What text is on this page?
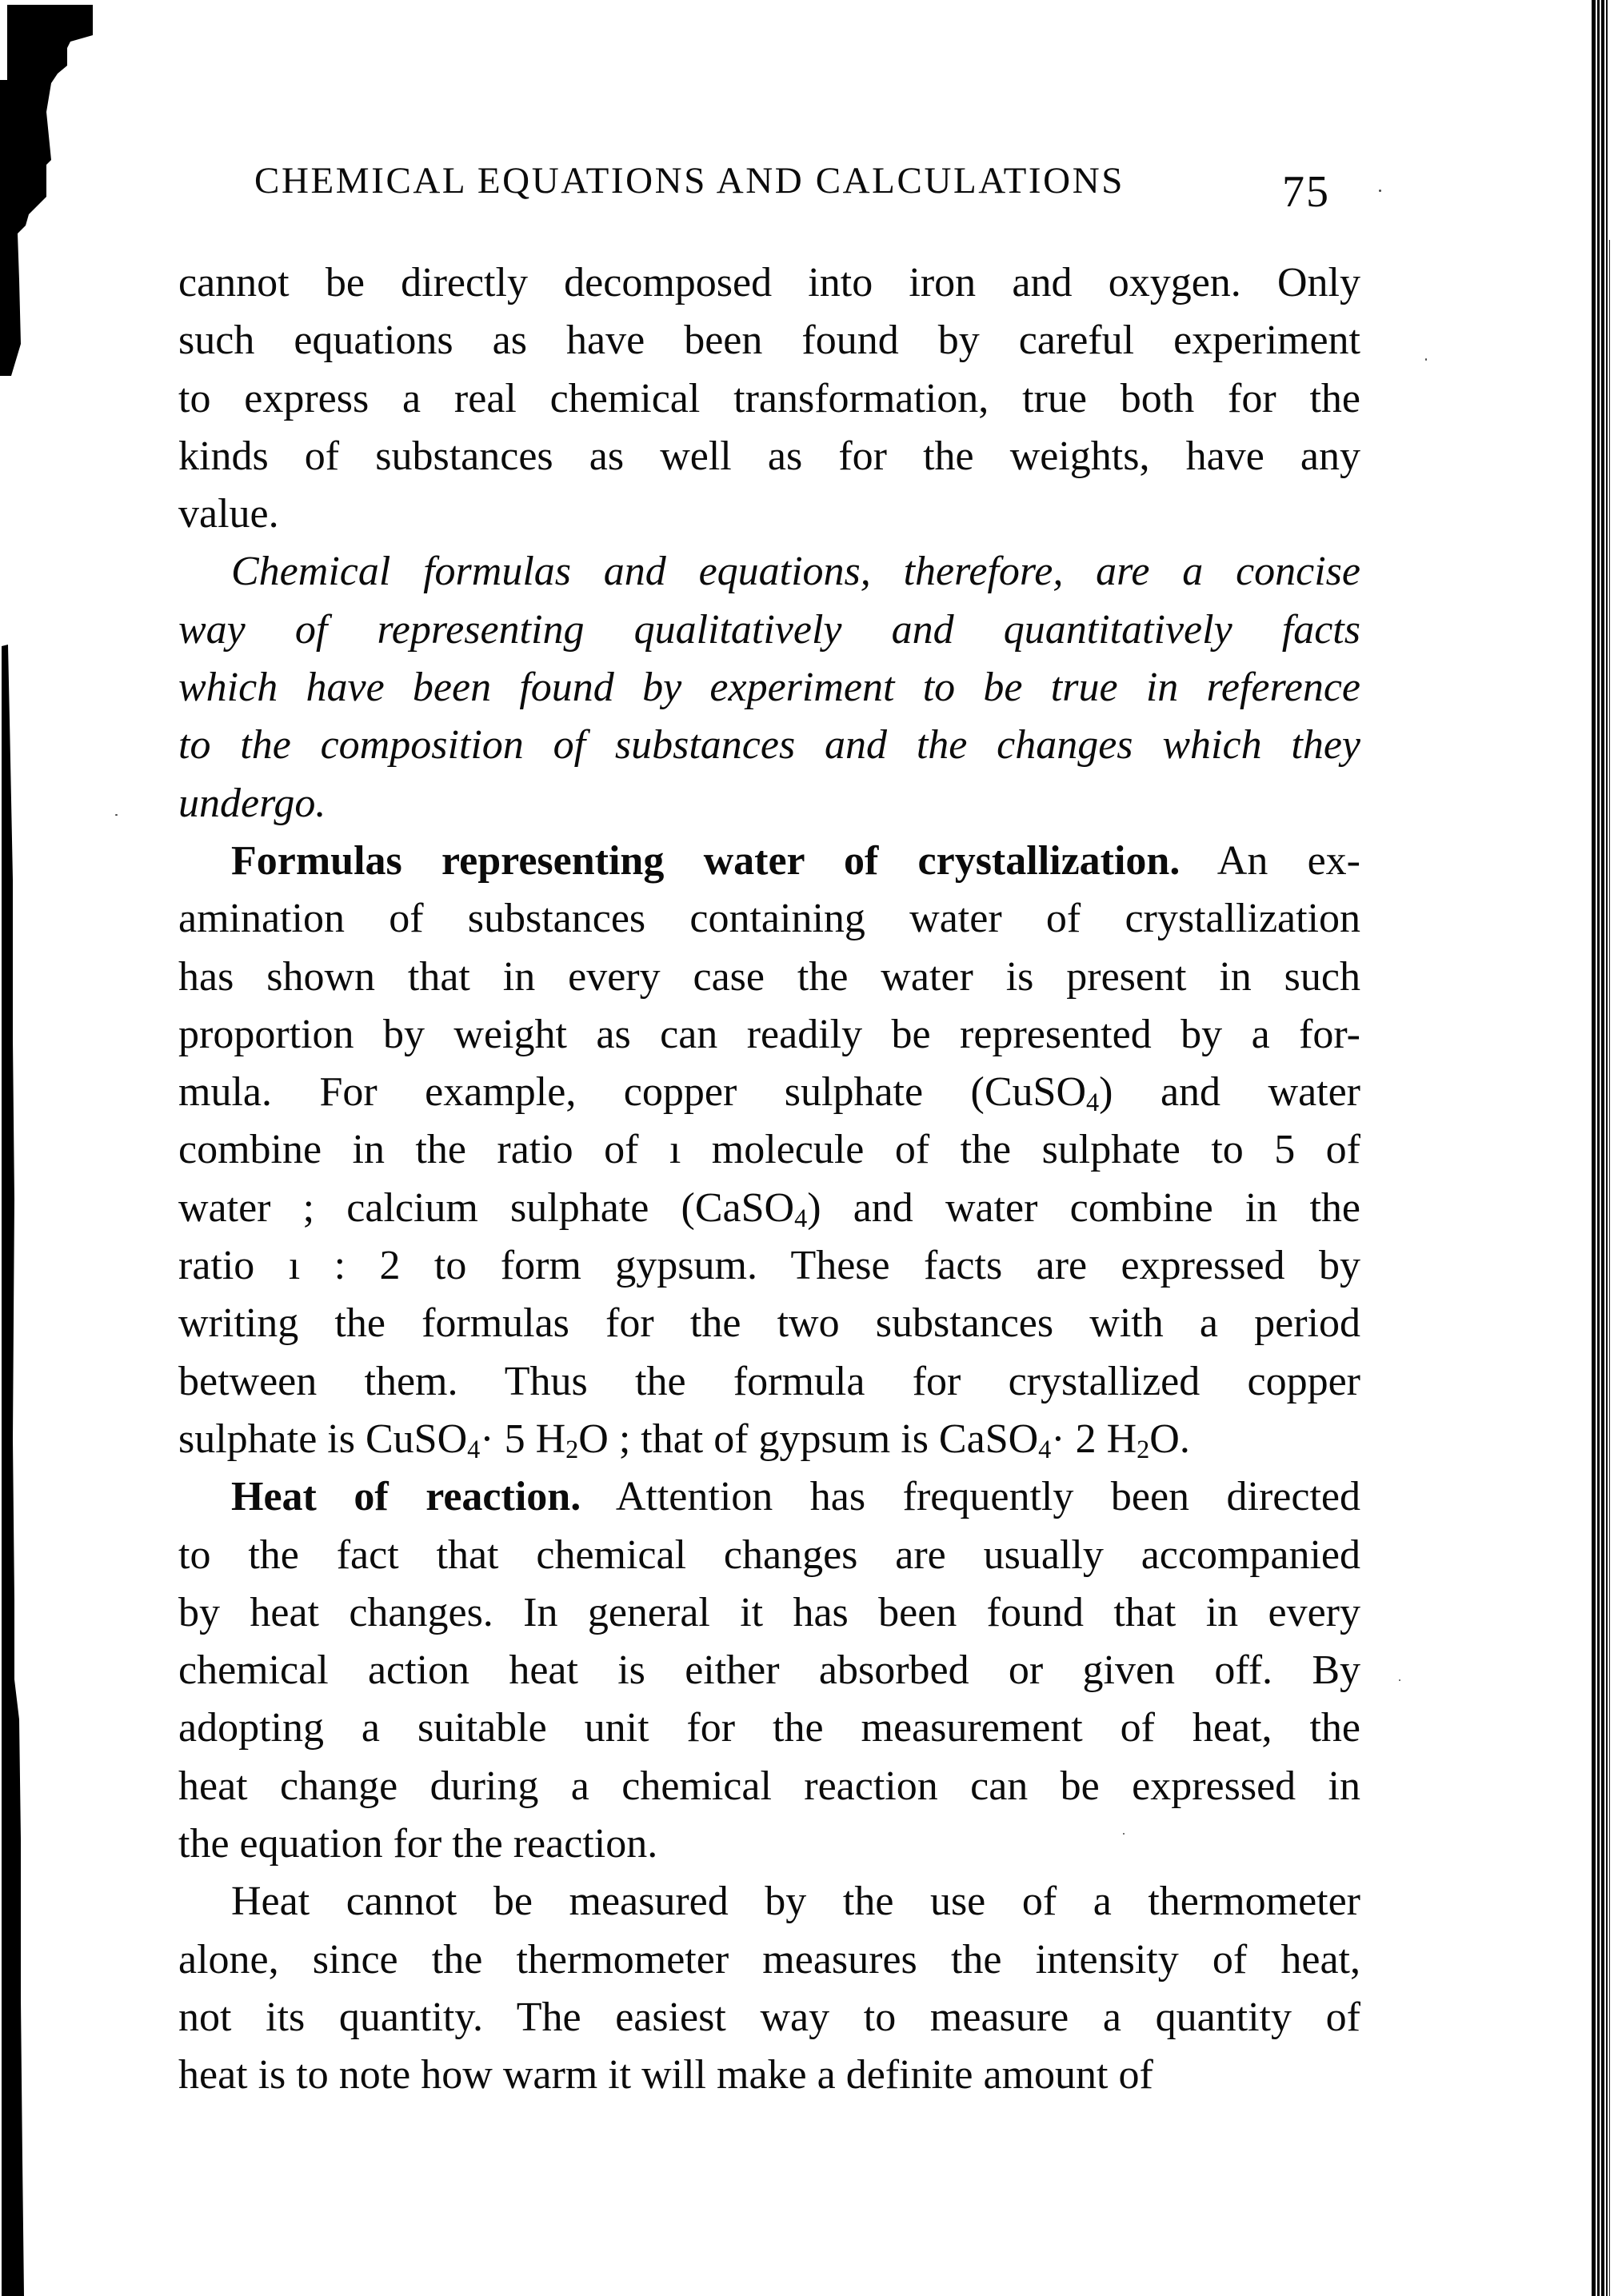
CHEMICAL EQUATIONS AND CALCULATIONS	75
cannot be directly decomposed into iron and oxygen. Only
such equations as have been found by careful experiment
to express a real chemical transformation, true both for the
kinds of substances as well as for the weights, have any
value.
Chemical formulas and equations, therefore, are a concise
way of representing qualitatively and quantitatively facts
which have been found by experiment to be true in reference
to the composition of substances and the changes which they
undergo.
Formulas representing water of crystallization. An ex-
amination of substances containing water of crystallization
has shown that in every case the water is present in such
proportion by weight as can readily be represented by a for-
mula. For example, copper sulphate (CuSO$_4$) and water
combine in the ratio of ı molecule of the sulphate to 5 of
water ; calcium sulphate (CaSO$_4$) and water combine in the
ratio ı : 2 to form gypsum. These facts are expressed by
writing the formulas for the two substances with a period
between them. Thus the formula for crystallized copper
sulphate is CuSO$_4$· 5 $H_2O$ ; that of gypsum is CaSO$_4$· 2 $H_2O$.
Heat of reaction. Attention has frequently been directed
to the fact that chemical changes are usually accompanied
by heat changes. In general it has been found that in every
chemical action heat is either absorbed or given off. By
adopting a suitable unit for the measurement of heat, the
heat change during a chemical reaction can be expressed in
the equation for the reaction.
Heat cannot be measured by the use of a thermometer
alone, since the thermometer measures the intensity of heat,
not its quantity. The easiest way to measure a quantity of
heat is to note how warm it will make a definite amount of
